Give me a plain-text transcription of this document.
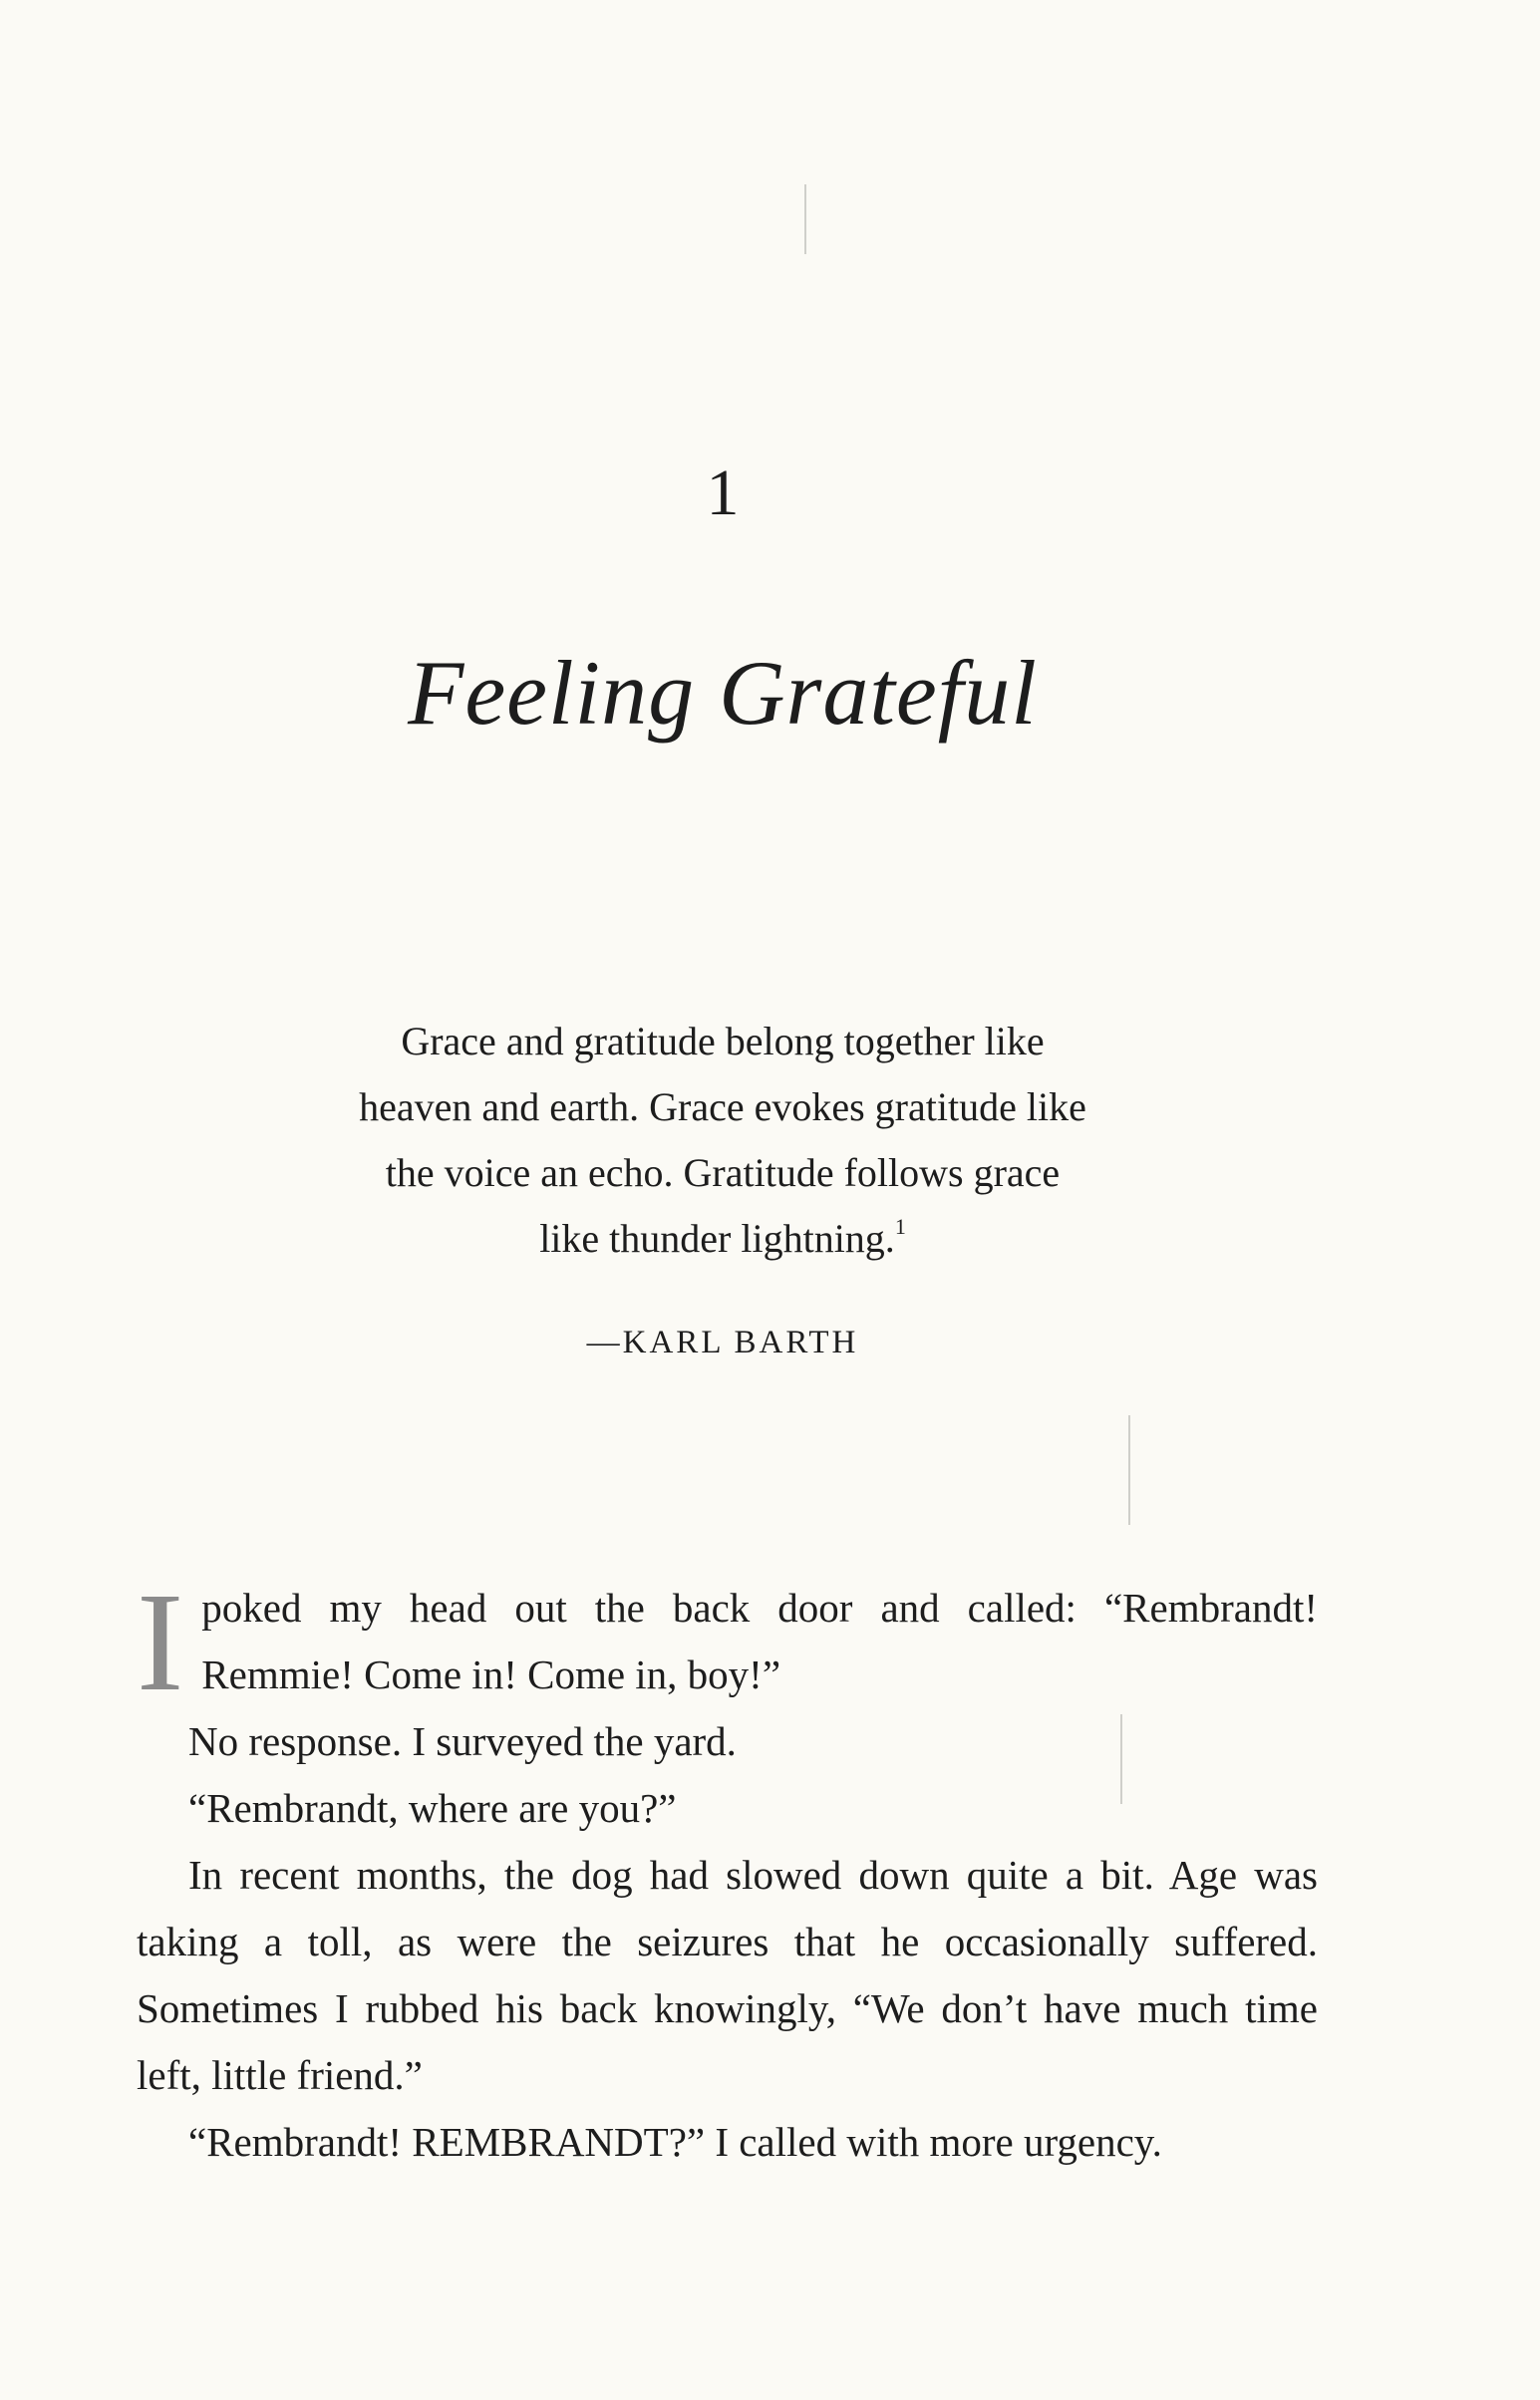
1
Feeling Grateful
Grace and gratitude belong together like
heaven and earth. Grace evokes gratitude like
the voice an echo. Gratitude follows grace
like thunder lightning.$^1$
—KARL BARTH

I poked my head out the back door and called: “Rembrandt! Remmie! Come in! Come in, boy!”

No response. I surveyed the yard.

“Rembrandt, where are you?”

In recent months, the dog had slowed down quite a bit. Age was taking a toll, as were the seizures that he occasionally suffered. Sometimes I rubbed his back knowingly, “We don’t have much time left, little friend.”

“Rembrandt! REMBRANDT?” I called with more urgency.
